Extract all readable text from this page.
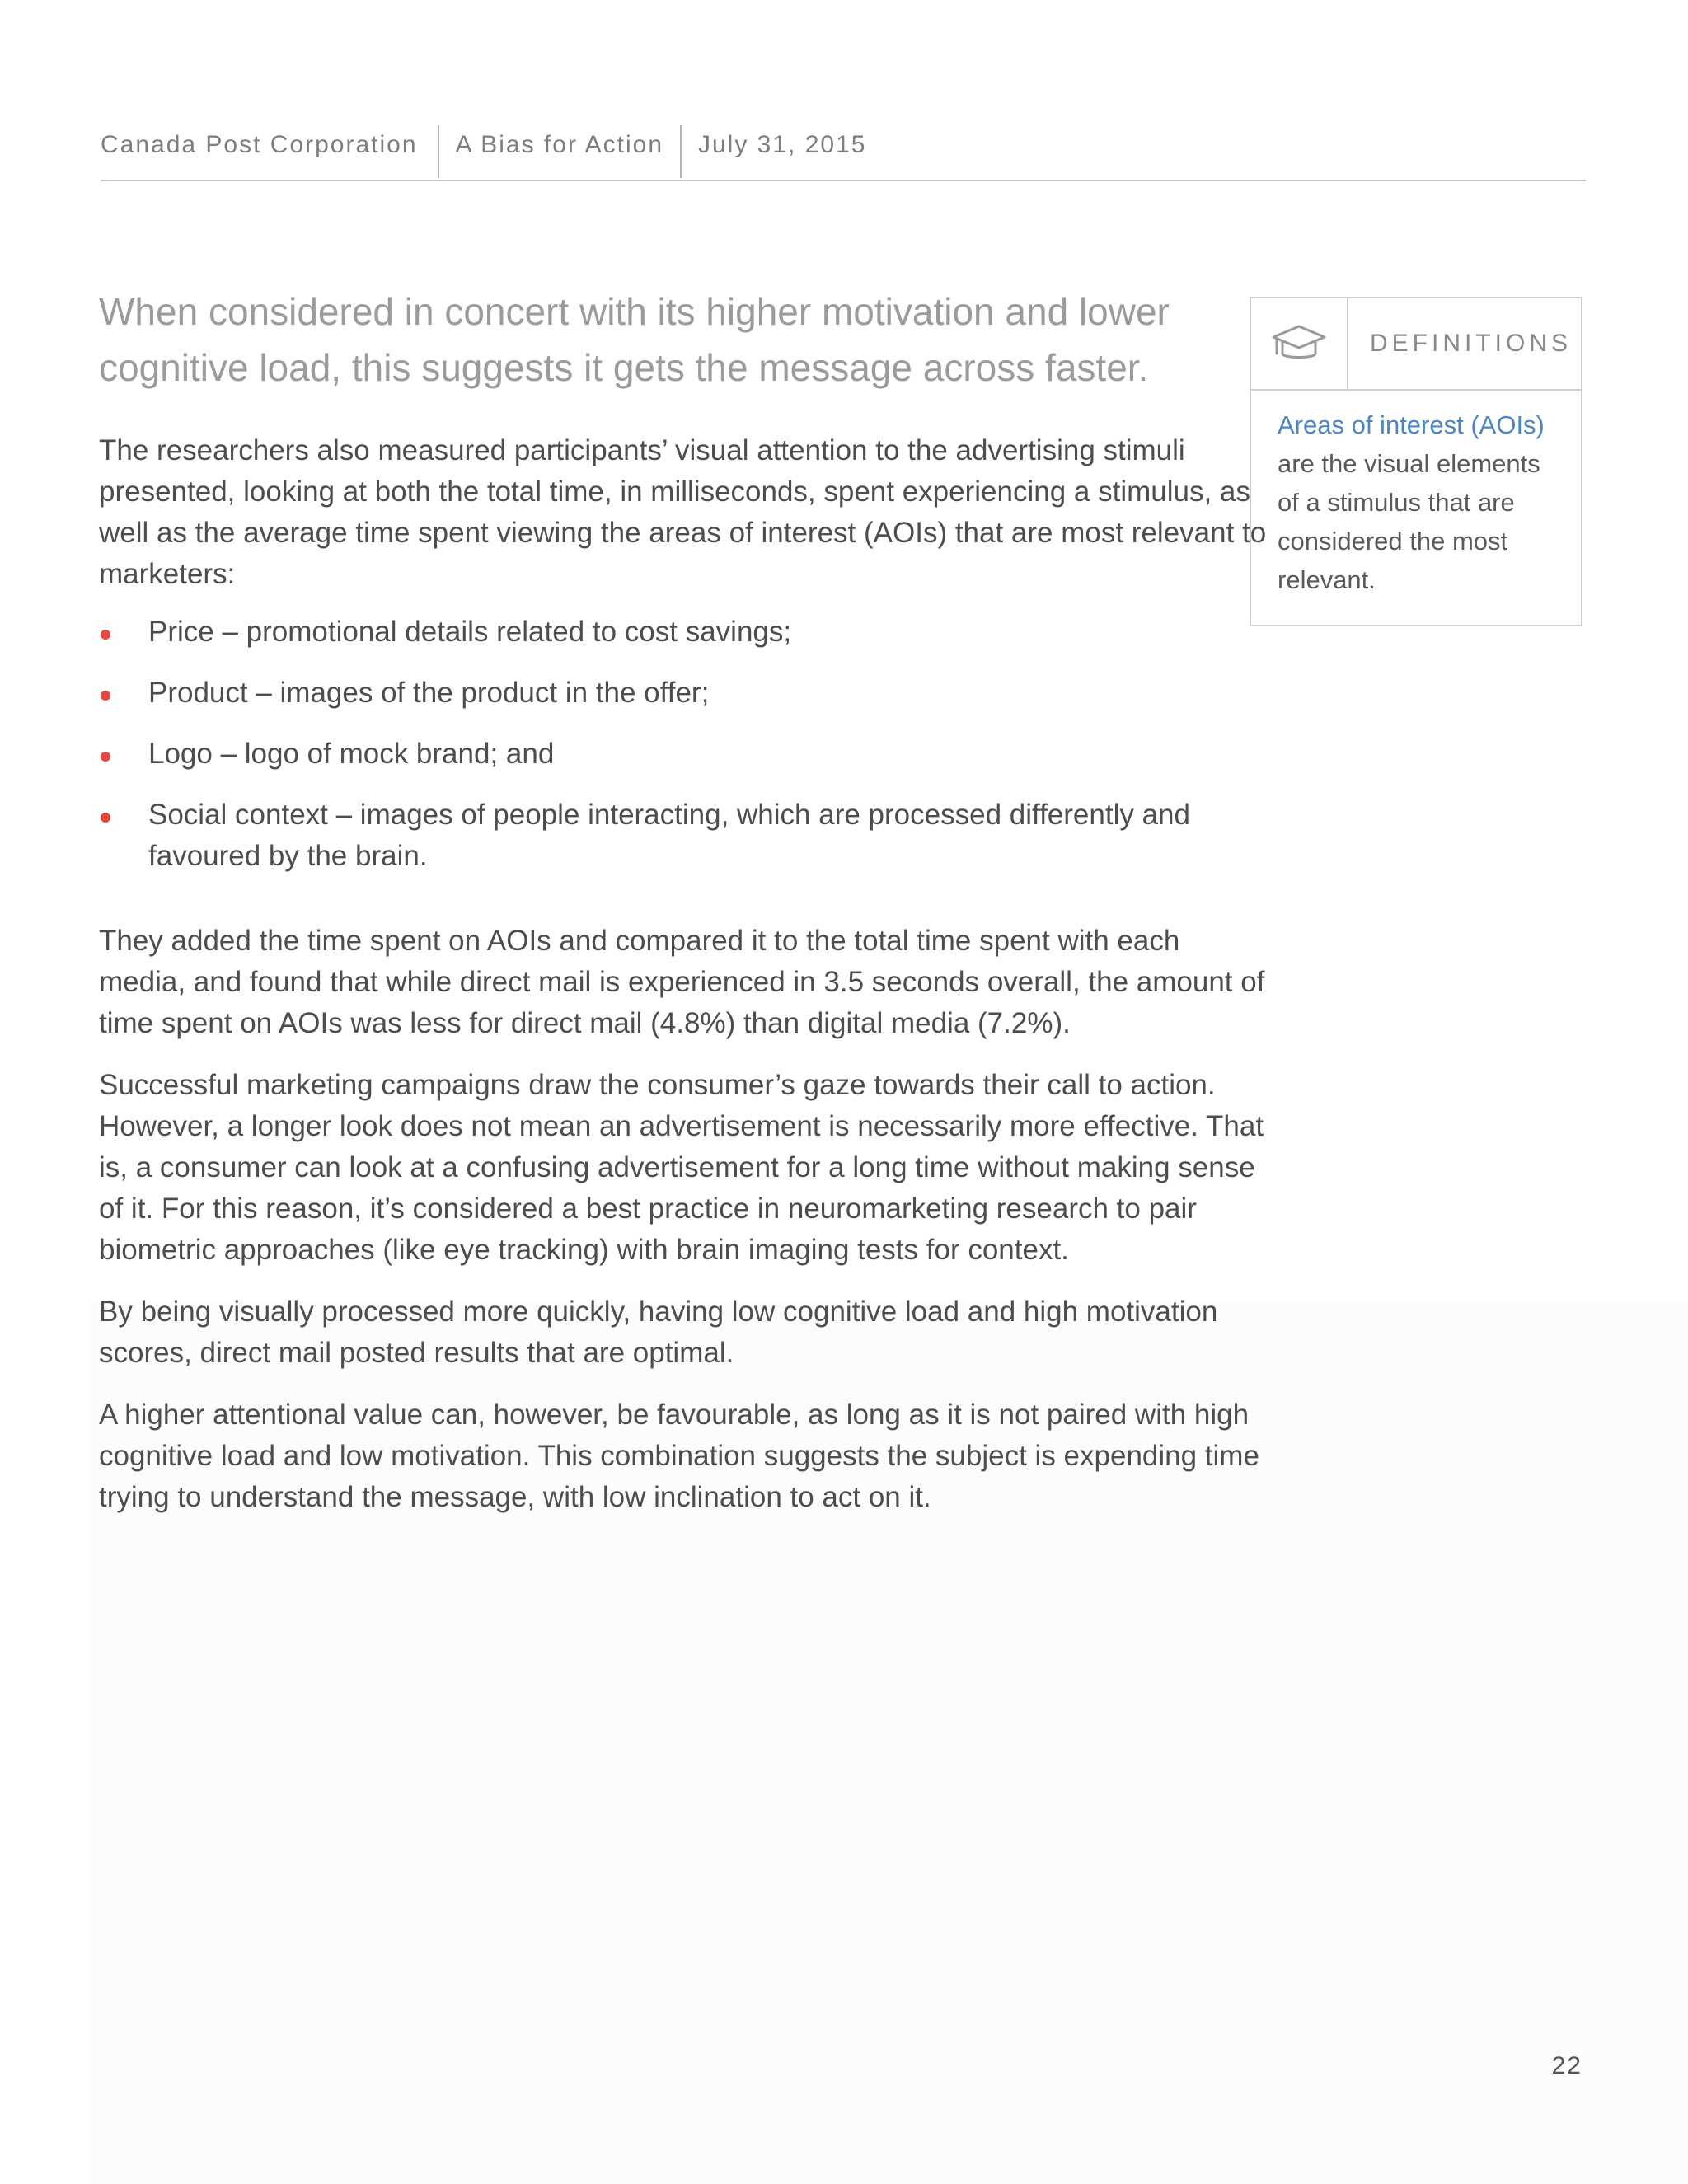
Canada Post Corporation	A Bias for Action	July 31, 2015
When considered in concert with its higher motivation and lower cognitive load, this suggests it gets the message across faster.

The researchers also measured participants’ visual attention to the advertising stimuli presented, looking at both the total time, in milliseconds, spent experiencing a stimulus, as well as the average time spent viewing the areas of interest (AOIs) that are most relevant to marketers:

Price – promotional details related to cost savings;
Product – images of the product in the offer;
Logo – logo of mock brand; and
Social context – images of people interacting, which are processed differently and favoured by the brain.

They added the time spent on AOIs and compared it to the total time spent with each media, and found that while direct mail is experienced in 3.5 seconds overall, the amount of time spent on AOIs was less for direct mail (4.8%) than digital media (7.2%).

Successful marketing campaigns draw the consumer’s gaze towards their call to action. However, a longer look does not mean an advertisement is necessarily more effective. That is, a consumer can look at a confusing advertisement for a long time without making sense of it. For this reason, it’s considered a best practice in neuromarketing research to pair biometric approaches (like eye tracking) with brain imaging tests for context.

By being visually processed more quickly, having low cognitive load and high motivation scores, direct mail posted results that are optimal.

A higher attentional value can, however, be favourable, as long as it is not paired with high cognitive load and low motivation. This combination suggests the subject is expending time trying to understand the message, with low inclination to act on it.

DEFINITIONS
Areas of interest (AOIs)
are the visual elements of a stimulus that are considered the most relevant.
22
